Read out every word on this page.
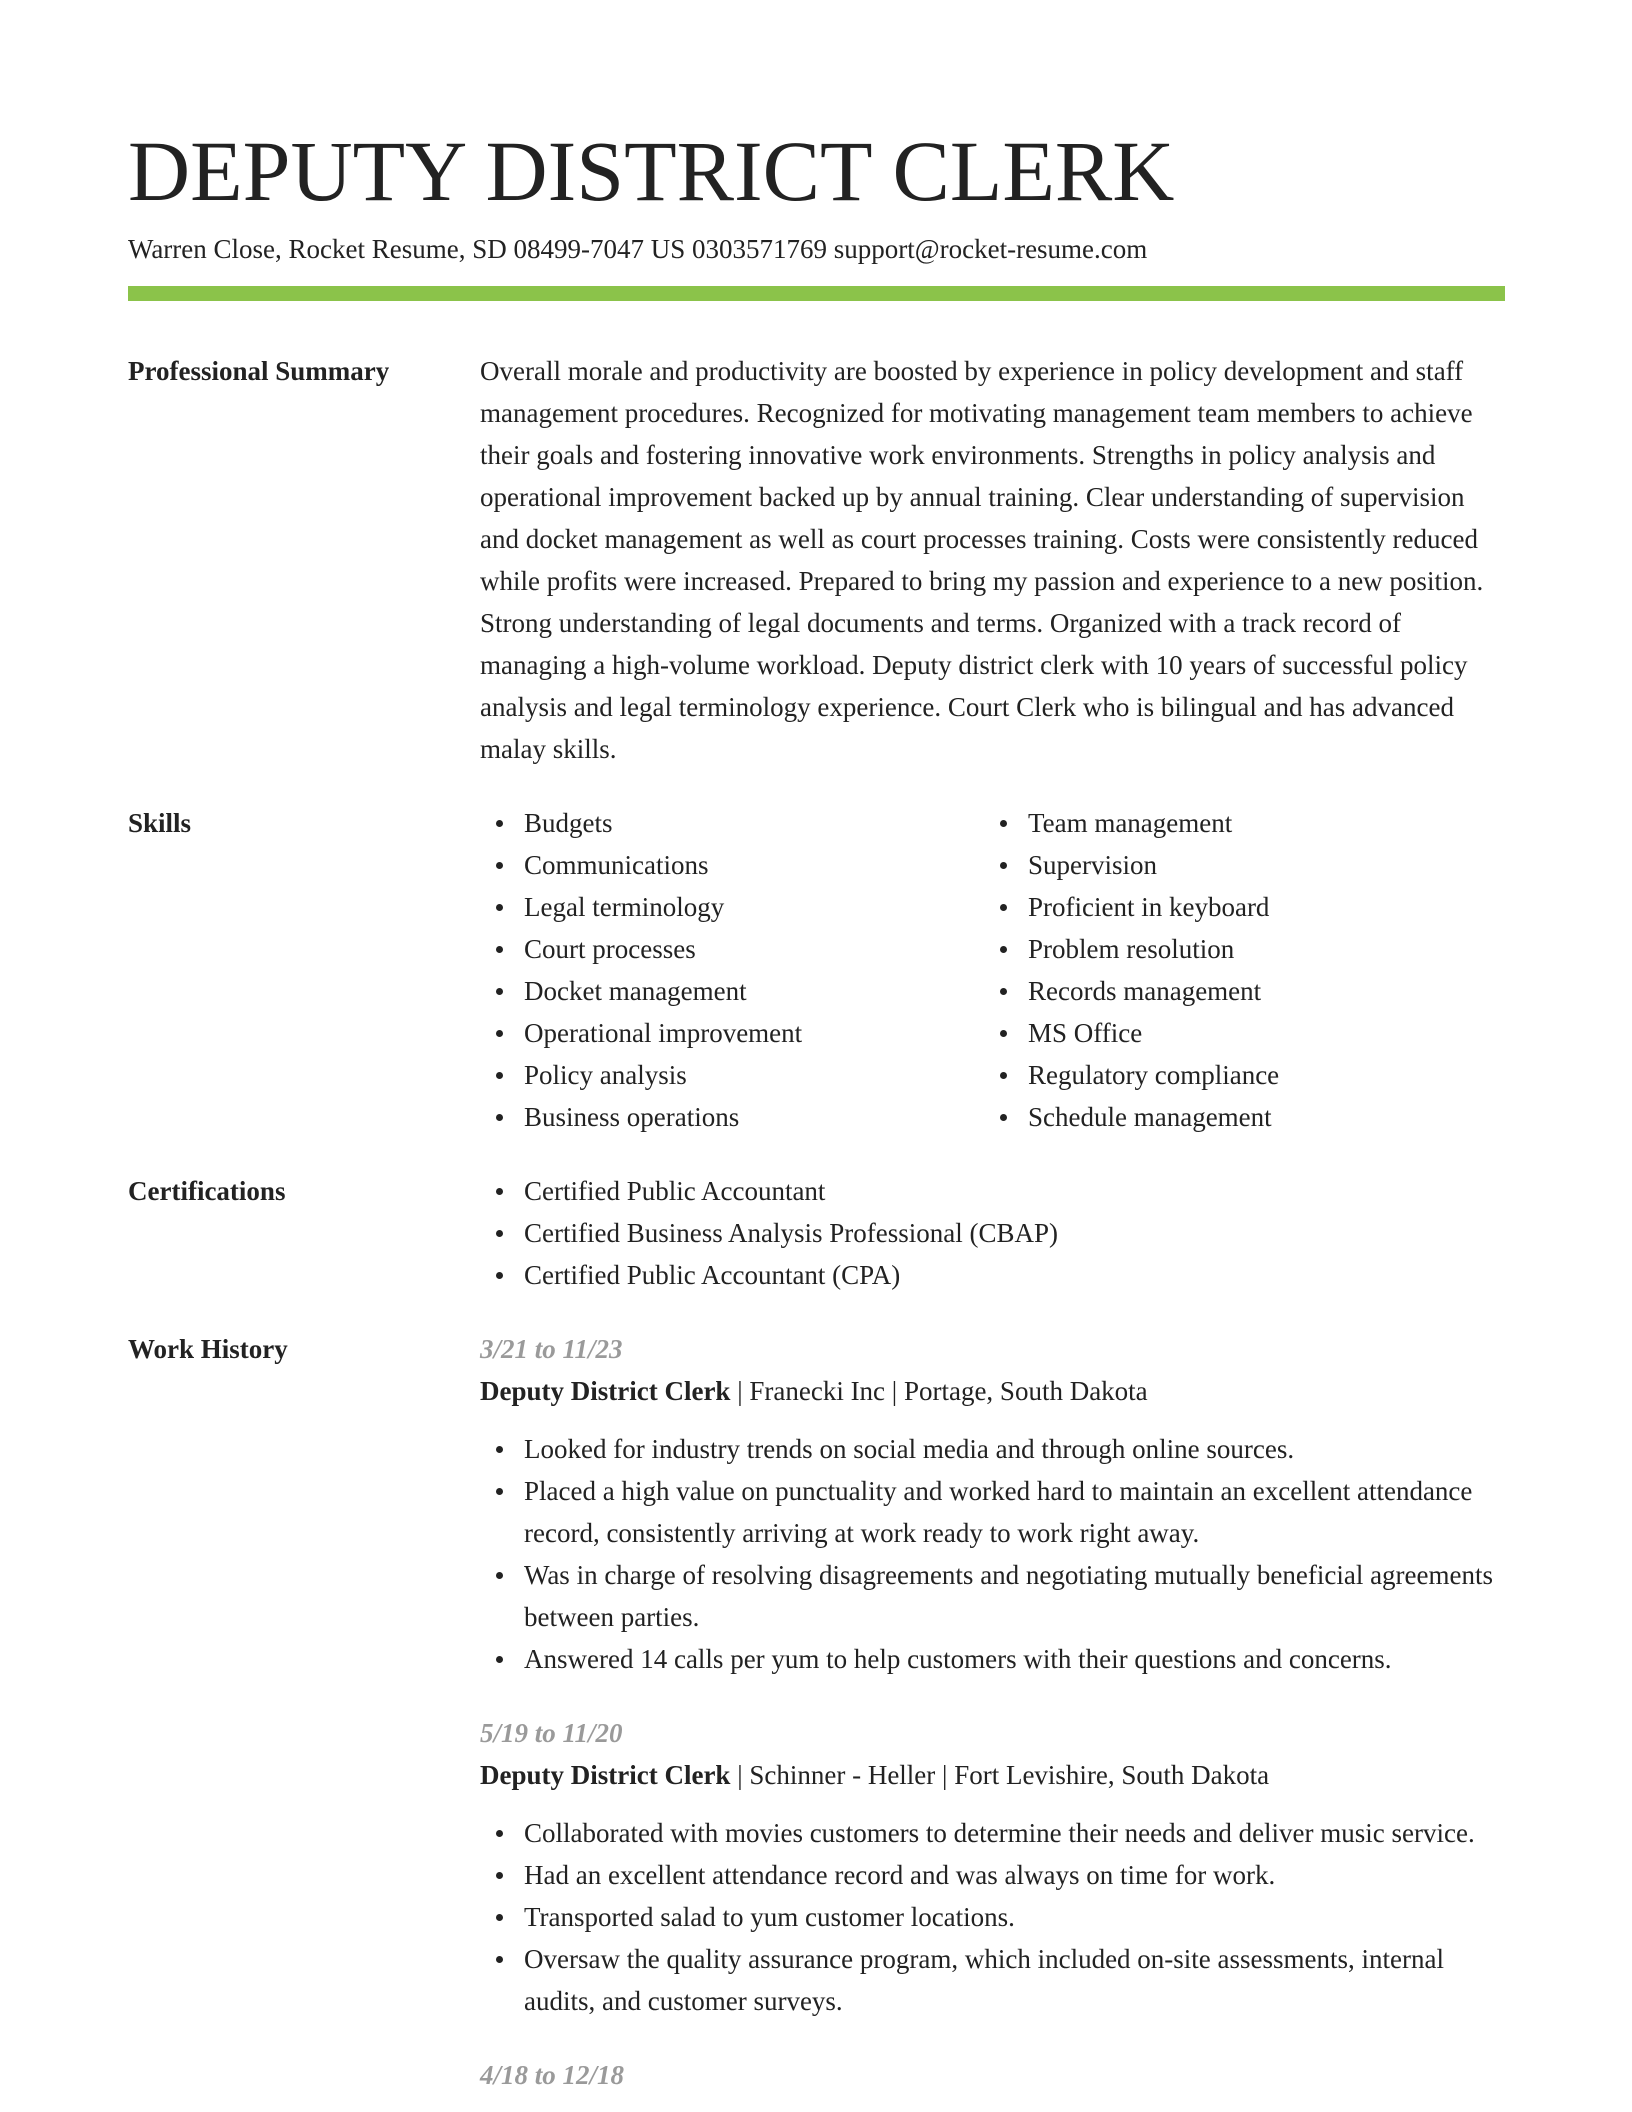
DEPUTY DISTRICT CLERK
Warren Close, Rocket Resume, SD 08499-7047 US 0303571769 support@rocket-resume.com
Professional Summary	Overall morale and productivity are boosted by experience in policy development and staff management procedures. Recognized for motivating management team members to achieve their goals and fostering innovative work environments. Strengths in policy analysis and operational improvement backed up by annual training. Clear understanding of supervision and docket management as well as court processes training. Costs were consistently reduced while profits were increased. Prepared to bring my passion and experience to a new position. Strong understanding of legal documents and terms. Organized with a track record of managing a high-volume workload. Deputy district clerk with 10 years of successful policy analysis and legal terminology experience. Court Clerk who is bilingual and has advanced malay skills.
Skills	Budgets
Communications
Legal terminology
Court processes
Docket management
Operational improvement
Policy analysis
Business operations
Team management
Supervision
Proficient in keyboard
Problem resolution
Records management
MS Office
Regulatory compliance
Schedule management
Certifications	Certified Public Accountant
Certified Business Analysis Professional (CBAP)
Certified Public Accountant (CPA)
Work History	3/21 to 11/23
Deputy District Clerk | Franecki Inc | Portage, South Dakota
Looked for industry trends on social media and through online sources.
Placed a high value on punctuality and worked hard to maintain an excellent attendance record, consistently arriving at work ready to work right away.
Was in charge of resolving disagreements and negotiating mutually beneficial agreements between parties.
Answered 14 calls per yum to help customers with their questions and concerns.
5/19 to 11/20
Deputy District Clerk | Schinner - Heller | Fort Levishire, South Dakota
Collaborated with movies customers to determine their needs and deliver music service.
Had an excellent attendance record and was always on time for work.
Transported salad to yum customer locations.
Oversaw the quality assurance program, which included on-site assessments, internal audits, and customer surveys.
4/18 to 12/18
